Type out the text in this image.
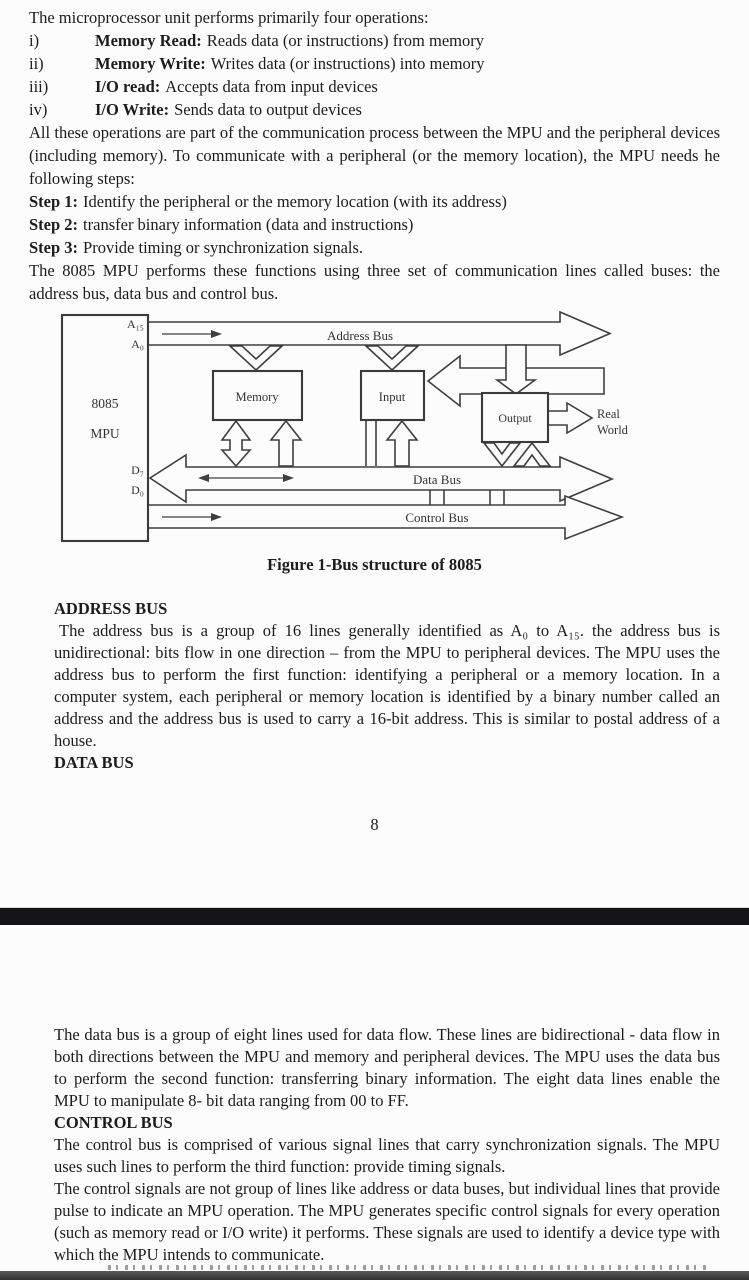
The microprocessor unit performs primarily four operations:

i)	Memory Read: Reads data (or instructions) from memory

ii)	Memory Write: Writes data (or instructions) into memory

iii)	I/O read: Accepts data from input devices

iv)	I/O Write: Sends data to output devices

All these operations are part of the communication process between the MPU and the peripheral devices (including memory). To communicate with a peripheral (or the memory location), the MPU needs he following steps:

Step 1: Identify the peripheral or the memory location (with its address)

Step 2: transfer binary information (data and instructions)

Step 3: Provide timing or synchronization signals.

The 8085 MPU performs these functions using three set of communication lines called buses: the address bus, data bus and control bus.

8085
MPU
A₁₅
A₀
D₇
D₀
Memory	Input
Output	Real
World
Address Bus
Data Bus
Control Bus
Figure 1-Bus structure of 8085

ADDRESS BUS

The address bus is a group of 16 lines generally identified as A₀ to A₁₅. the address bus is unidirectional: bits flow in one direction – from the MPU to peripheral devices. The MPU uses the address bus to perform the first function: identifying a peripheral or a memory location. In a computer system, each peripheral or memory location is identified by a binary number called an address and the address bus is used to carry a 16-bit address. This is similar to postal address of a house.

DATA BUS

8

The data bus is a group of eight lines used for data flow. These lines are bidirectional - data flow in both directions between the MPU and memory and peripheral devices. The MPU uses the data bus to perform the second function: transferring binary information. The eight data lines enable the MPU to manipulate 8- bit data ranging from 00 to FF.

CONTROL BUS

The control bus is comprised of various signal lines that carry synchronization signals. The MPU uses such lines to perform the third function: provide timing signals.

The control signals are not group of lines like address or data buses, but individual lines that provide pulse to indicate an MPU operation. The MPU generates specific control signals for every operation (such as memory read or I/O write) it performs. These signals are used to identify a device type with which the MPU intends to communicate.
